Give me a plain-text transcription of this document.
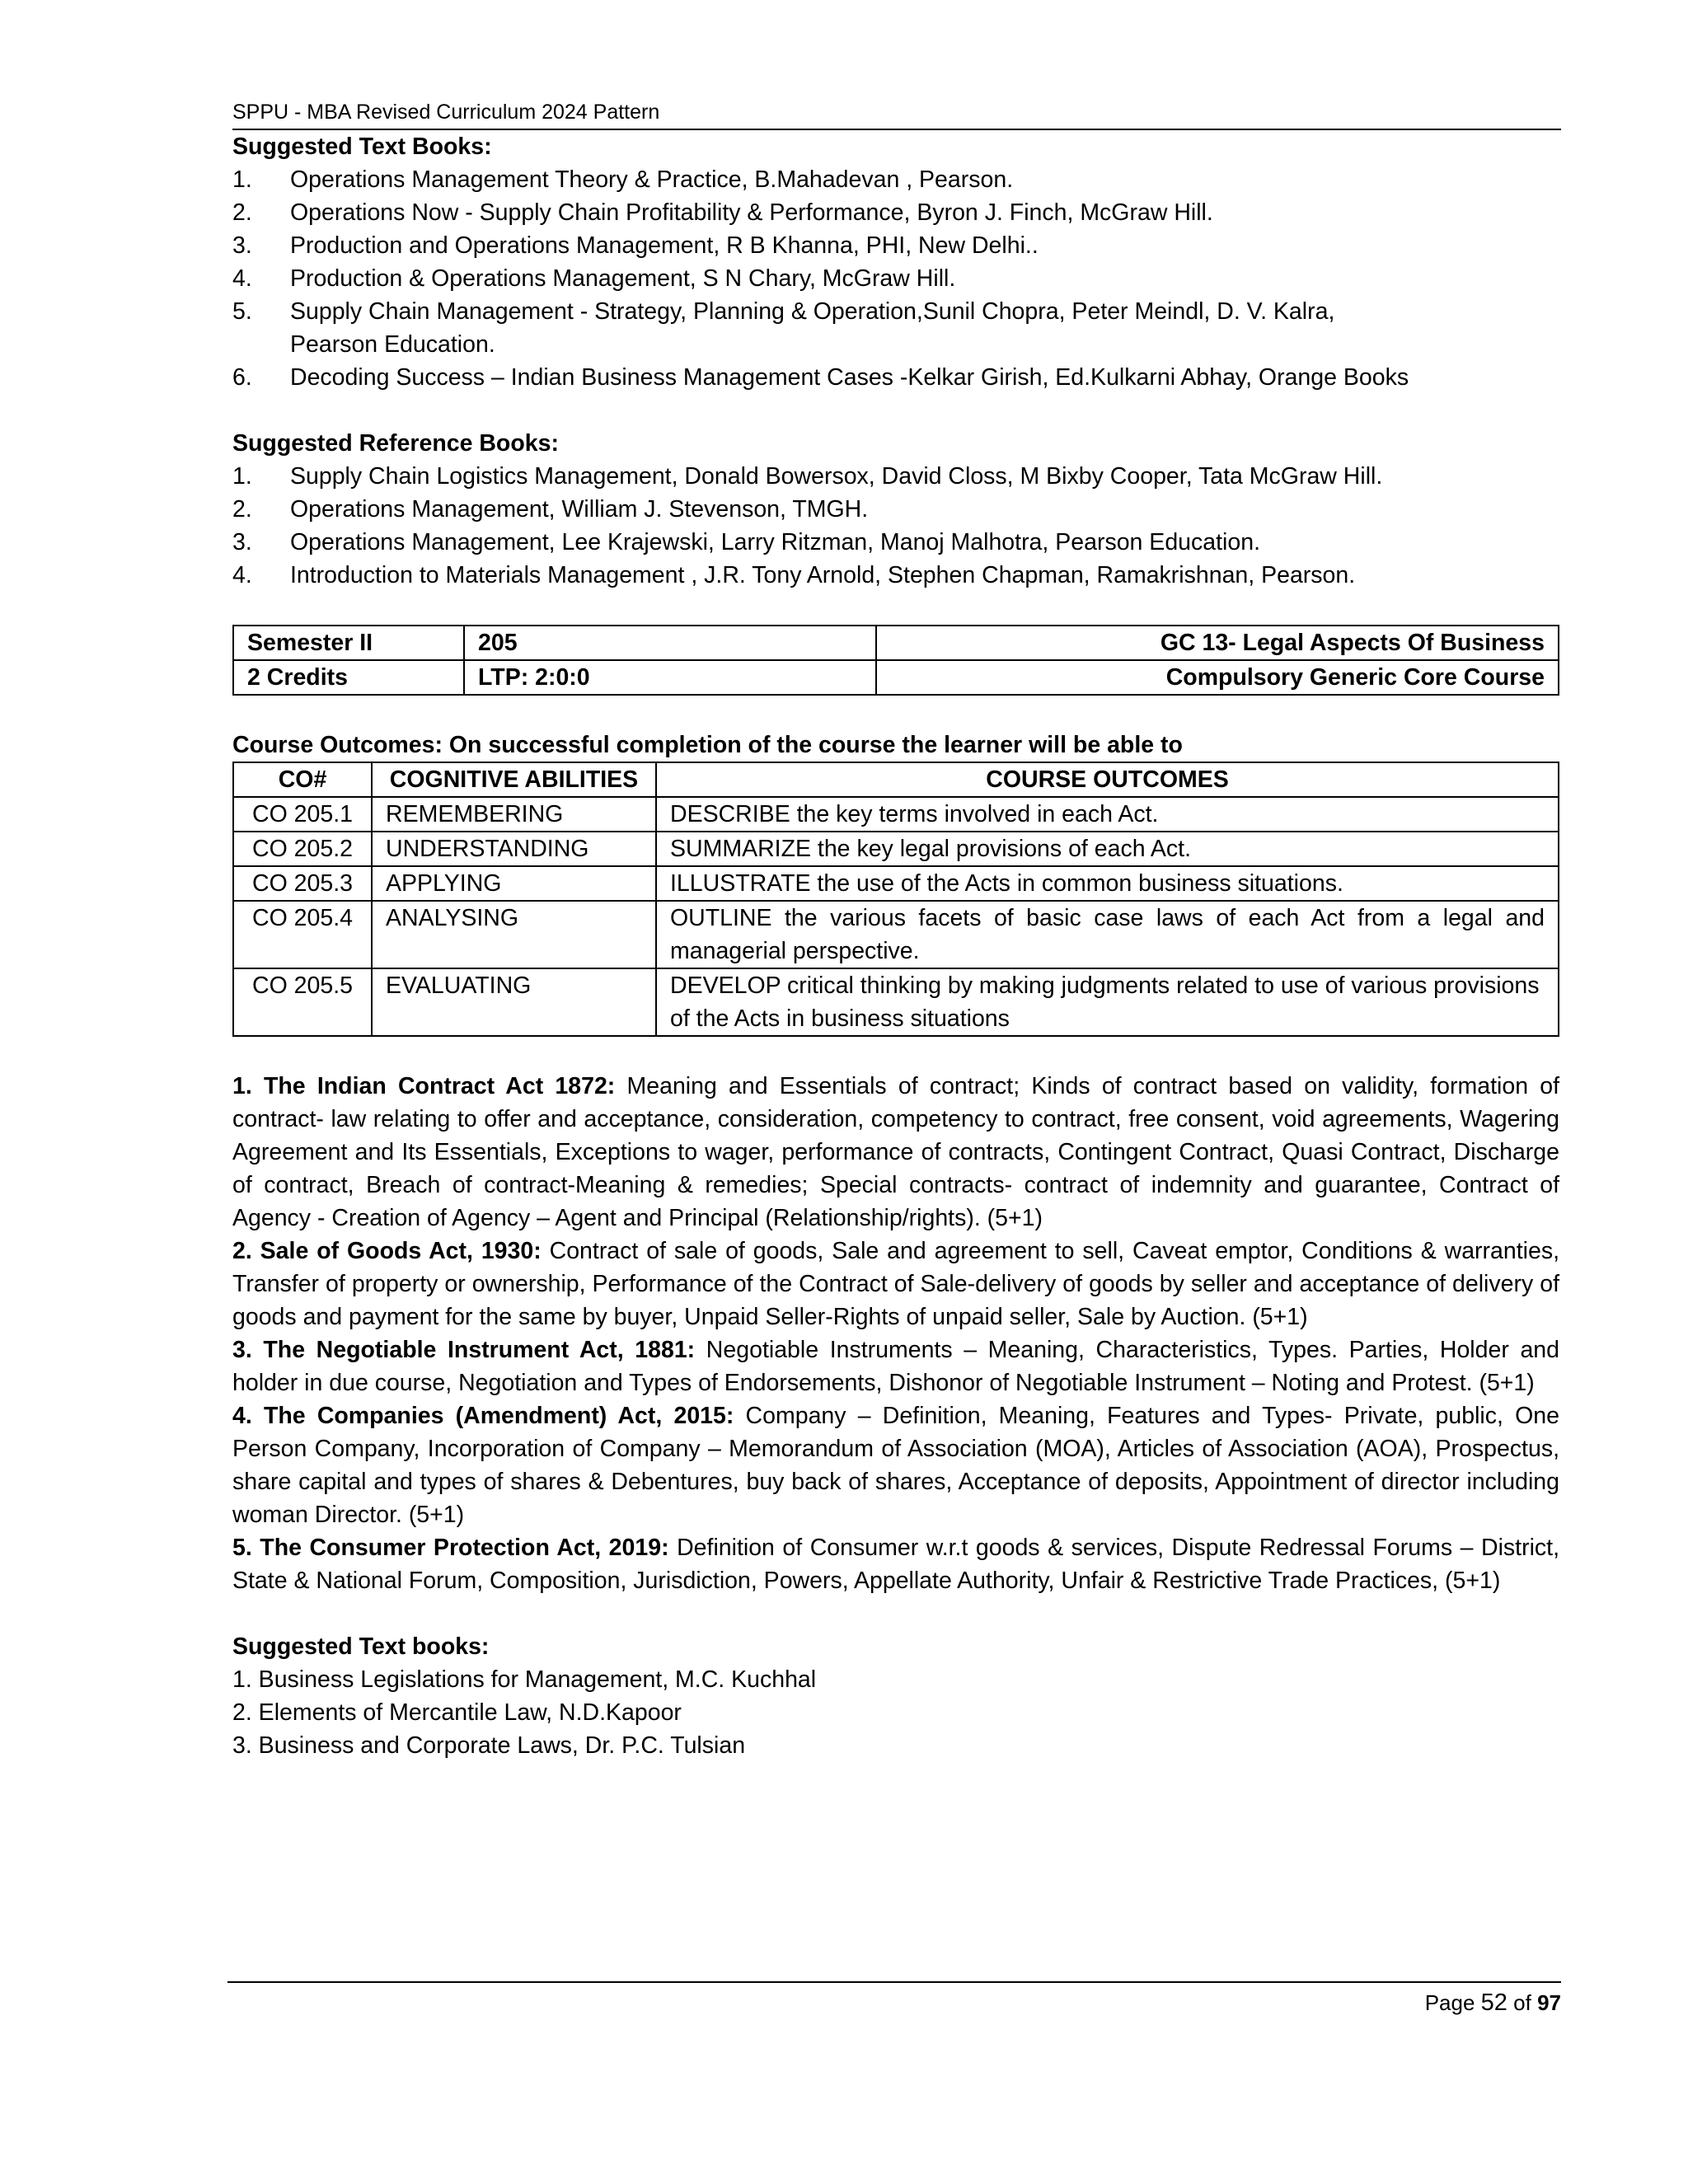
SPPU - MBA Revised Curriculum 2024 Pattern
Suggested Text Books:
1.	Operations Management Theory & Practice, B.Mahadevan , Pearson.
2.	Operations Now - Supply Chain Profitability & Performance, Byron J. Finch, McGraw Hill.
3.	Production and Operations Management, R B Khanna, PHI, New Delhi..
4.	Production & Operations Management, S N Chary, McGraw Hill.
5.	Supply Chain Management - Strategy, Planning & Operation,Sunil Chopra, Peter Meindl, D. V. Kalra, Pearson Education.
6.	Decoding Success – Indian Business Management Cases -Kelkar Girish, Ed.Kulkarni Abhay, Orange Books
Suggested Reference Books:
1.	Supply Chain Logistics Management, Donald Bowersox, David Closs, M Bixby Cooper, Tata McGraw Hill.
2.	Operations Management, William J. Stevenson, TMGH.
3.	Operations Management, Lee Krajewski, Larry Ritzman, Manoj Malhotra, Pearson Education.
4.	Introduction to Materials Management , J.R. Tony Arnold, Stephen Chapman, Ramakrishnan, Pearson.
Semester II	205	GC 13- Legal Aspects Of Business
2 Credits	LTP: 2:0:0	Compulsory Generic Core Course
Course Outcomes: On successful completion of the course the learner will be able to
CO#	COGNITIVE ABILITIES	COURSE OUTCOMES
CO 205.1	REMEMBERING	DESCRIBE the key terms involved in each Act.
CO 205.2	UNDERSTANDING	SUMMARIZE the key legal provisions of each Act.
CO 205.3	APPLYING	ILLUSTRATE the use of the Acts in common business situations.
CO 205.4	ANALYSING	OUTLINE the various facets of basic case laws of each Act from a legal and managerial perspective.
CO 205.5	EVALUATING	DEVELOP critical thinking by making judgments related to use of various provisions of the Acts in business situations
1. The Indian Contract Act 1872: Meaning and Essentials of contract; Kinds of contract based on validity, formation of contract- law relating to offer and acceptance, consideration, competency to contract, free consent, void agreements, Wagering Agreement and Its Essentials, Exceptions to wager, performance of contracts, Contingent Contract, Quasi Contract, Discharge of contract, Breach of contract-Meaning & remedies; Special contracts- contract of indemnity and guarantee, Contract of Agency - Creation of Agency – Agent and Principal (Relationship/rights). (5+1)
2. Sale of Goods Act, 1930: Contract of sale of goods, Sale and agreement to sell, Caveat emptor, Conditions & warranties, Transfer of property or ownership, Performance of the Contract of Sale-delivery of goods by seller and acceptance of delivery of goods and payment for the same by buyer, Unpaid Seller-Rights of unpaid seller, Sale by Auction. (5+1)
3. The Negotiable Instrument Act, 1881: Negotiable Instruments – Meaning, Characteristics, Types. Parties, Holder and holder in due course, Negotiation and Types of Endorsements, Dishonor of Negotiable Instrument – Noting and Protest. (5+1)
4. The Companies (Amendment) Act, 2015: Company – Definition, Meaning, Features and Types- Private, public, One Person Company, Incorporation of Company – Memorandum of Association (MOA), Articles of Association (AOA), Prospectus, share capital and types of shares & Debentures, buy back of shares, Acceptance of deposits, Appointment of director including woman Director. (5+1)
5. The Consumer Protection Act, 2019: Definition of Consumer w.r.t goods & services, Dispute Redressal Forums – District, State & National Forum, Composition, Jurisdiction, Powers, Appellate Authority, Unfair & Restrictive Trade Practices, (5+1)
Suggested Text books:
1. Business Legislations for Management, M.C. Kuchhal
2. Elements of Mercantile Law, N.D.Kapoor
3. Business and Corporate Laws, Dr. P.C. Tulsian
Page 52 of 97
